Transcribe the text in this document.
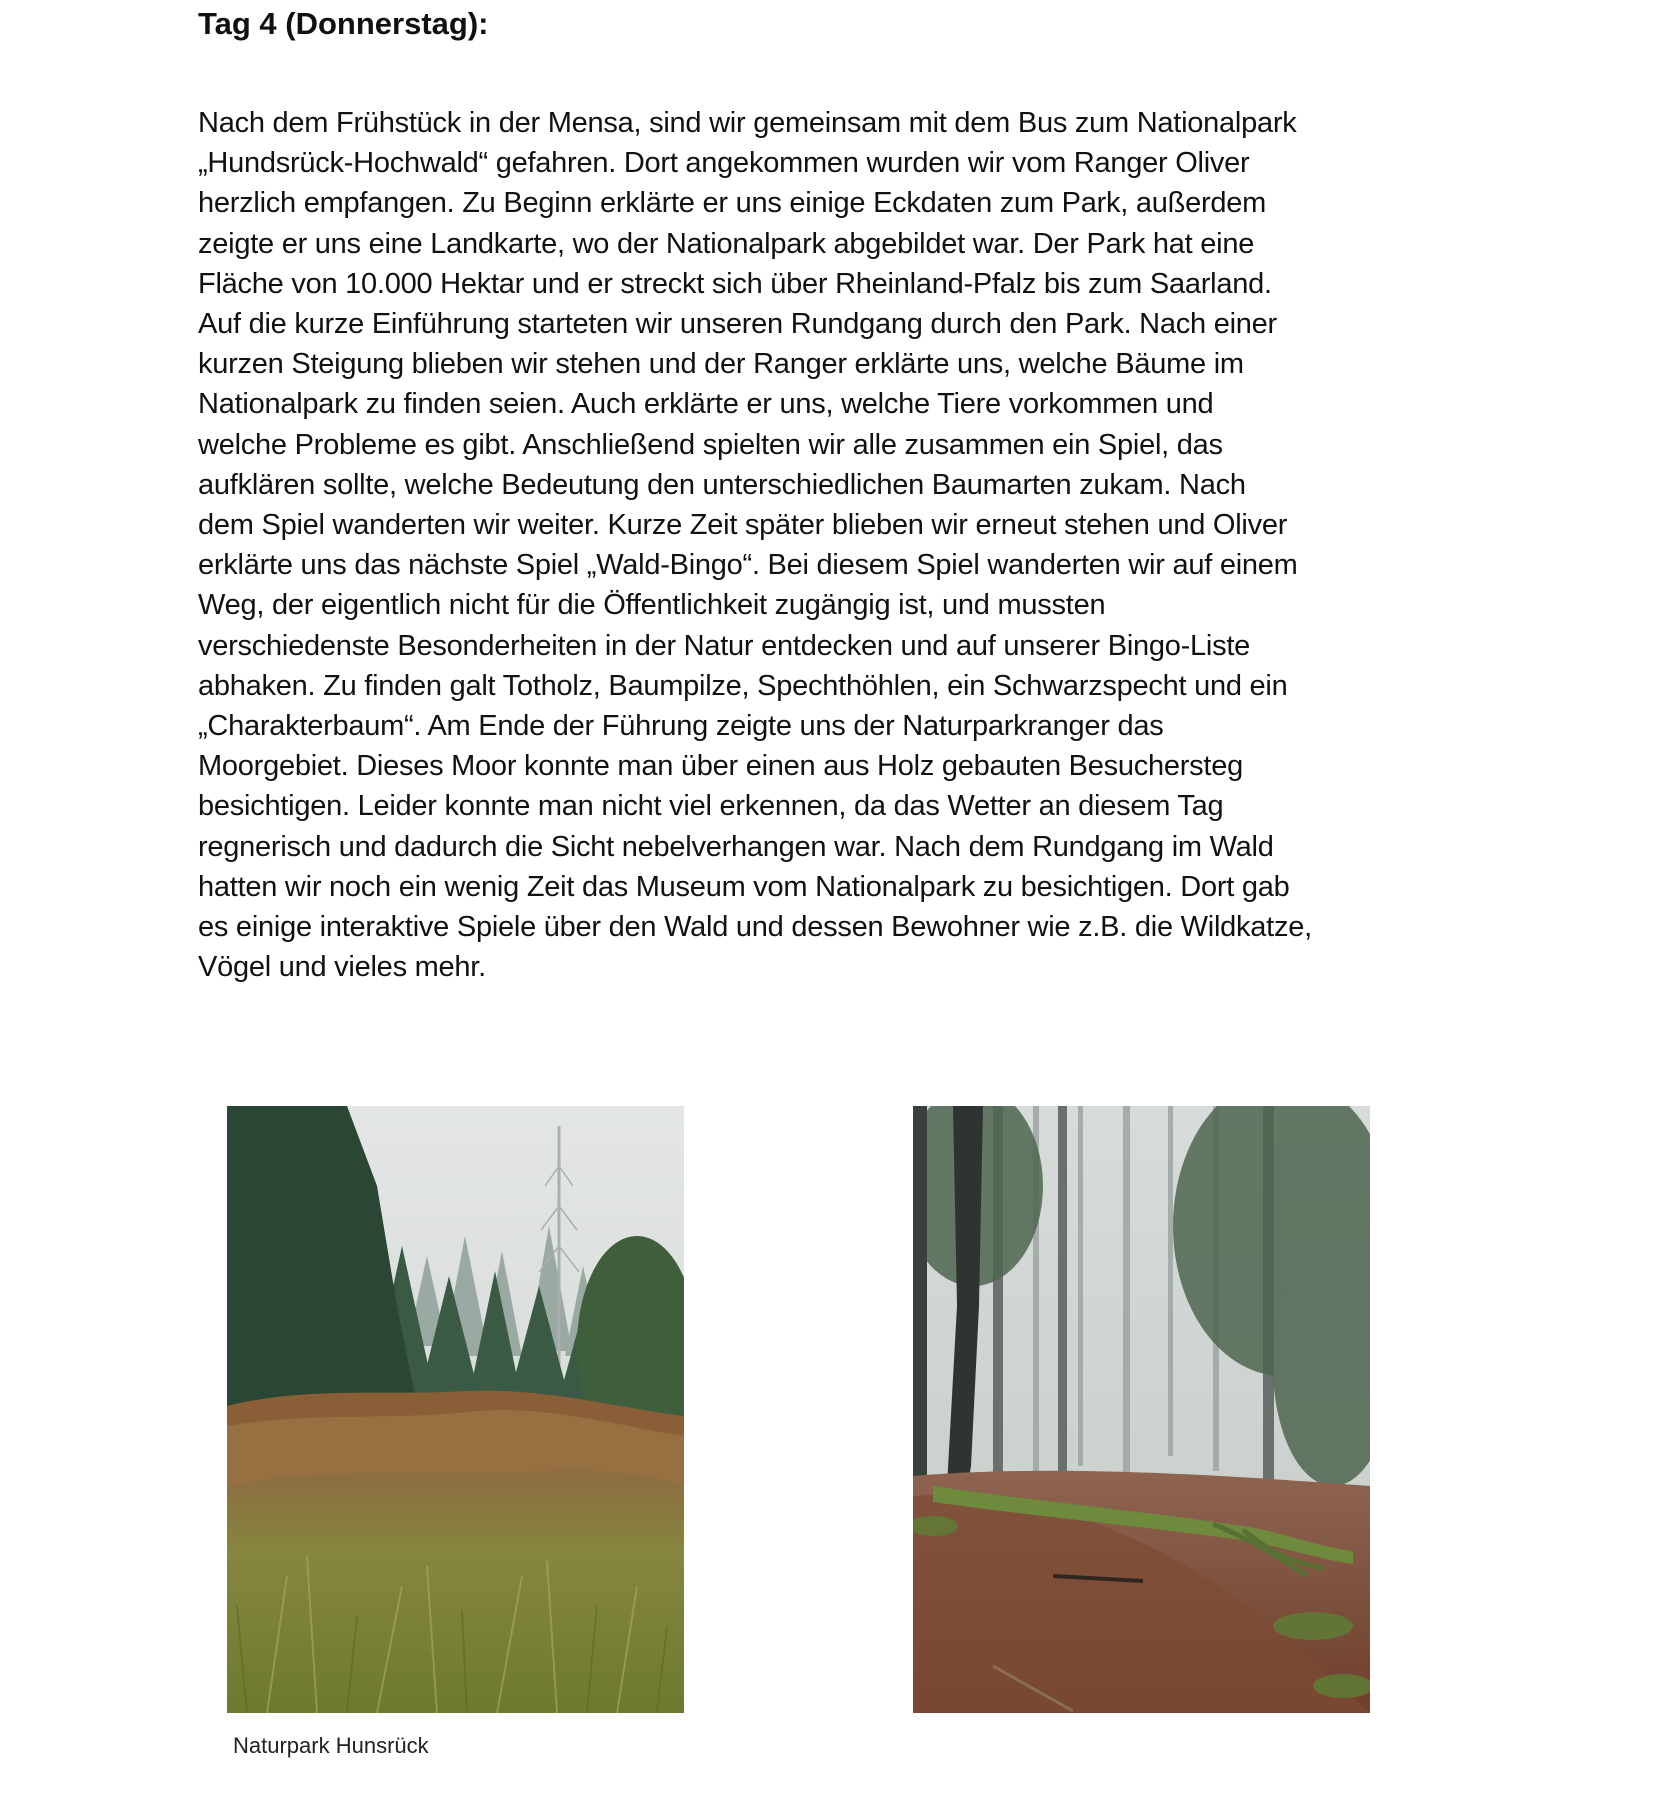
Tag 4 (Donnerstag):
Nach dem Frühstück in der Mensa, sind wir gemeinsam mit dem Bus zum Nationalpark
„Hundsrück-Hochwald“ gefahren. Dort angekommen wurden wir vom Ranger Oliver
herzlich empfangen. Zu Beginn erklärte er uns einige Eckdaten zum Park, außerdem
zeigte er uns eine Landkarte, wo der Nationalpark abgebildet war. Der Park hat eine
Fläche von 10.000 Hektar und er streckt sich über Rheinland-Pfalz bis zum Saarland.
Auf die kurze Einführung starteten wir unseren Rundgang durch den Park. Nach einer
kurzen Steigung blieben wir stehen und der Ranger erklärte uns, welche Bäume im
Nationalpark zu finden seien. Auch erklärte er uns, welche Tiere vorkommen und
welche Probleme es gibt. Anschließend spielten wir alle zusammen ein Spiel, das
aufklären sollte, welche Bedeutung den unterschiedlichen Baumarten zukam. Nach
dem Spiel wanderten wir weiter. Kurze Zeit später blieben wir erneut stehen und Oliver
erklärte uns das nächste Spiel „Wald-Bingo“. Bei diesem Spiel wanderten wir auf einem
Weg, der eigentlich nicht für die Öffentlichkeit zugängig ist, und mussten
verschiedenste Besonderheiten in der Natur entdecken und auf unserer Bingo-Liste
abhaken. Zu finden galt Totholz, Baumpilze, Spechthöhlen, ein Schwarzspecht und ein
„Charakterbaum“. Am Ende der Führung zeigte uns der Naturparkranger das
Moorgebiet. Dieses Moor konnte man über einen aus Holz gebauten Besuchersteg
besichtigen. Leider konnte man nicht viel erkennen, da das Wetter an diesem Tag
regnerisch und dadurch die Sicht nebelverhangen war. Nach dem Rundgang im Wald
hatten wir noch ein wenig Zeit das Museum vom Nationalpark zu besichtigen. Dort gab
es einige interaktive Spiele über den Wald und dessen Bewohner wie z.B. die Wildkatze,
Vögel und vieles mehr.
Naturpark Hunsrück
